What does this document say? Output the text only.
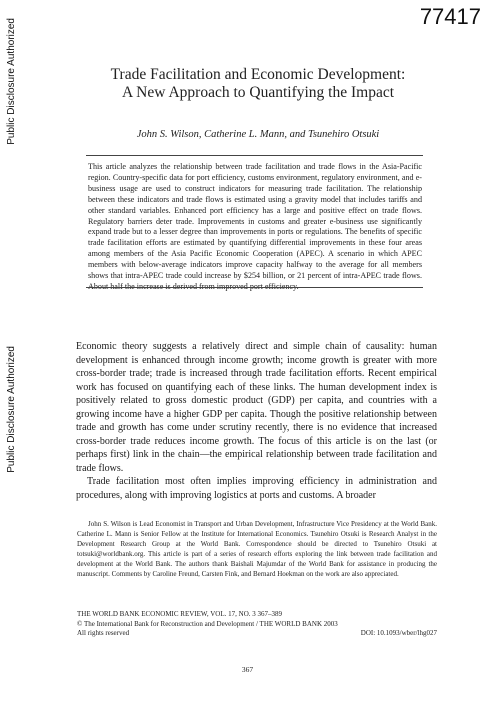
77417
Public Disclosure Authorized
Public Disclosure Authorized
Trade Facilitation and Economic Development:
A New Approach to Quantifying the Impact
John S. Wilson, Catherine L. Mann, and Tsunehiro Otsuki
This article analyzes the relationship between trade facilitation and trade flows in the Asia-Pacific region. Country-specific data for port efficiency, customs environment, regulatory environment, and e-business usage are used to construct indicators for measuring trade facilitation. The relationship between these indicators and trade flows is estimated using a gravity model that includes tariffs and other standard variables. Enhanced port efficiency has a large and positive effect on trade flows. Regulatory barriers deter trade. Improvements in customs and greater e-business use significantly expand trade but to a lesser degree than improvements in ports or regulations. The benefits of specific trade facilitation efforts are estimated by quantifying differential improvements in these four areas among members of the Asia Pacific Economic Cooperation (APEC). A scenario in which APEC members with below-average indicators improve capacity halfway to the average for all members shows that intra-APEC trade could increase by $254 billion, or 21 percent of intra-APEC trade flows. About half the increase is derived from improved port efficiency.

Economic theory suggests a relatively direct and simple chain of causality: human development is enhanced through income growth; income growth is greater with more cross-border trade; trade is increased through trade facilitation efforts. Recent empirical work has focused on quantifying each of these links. The human development index is positively related to gross domestic product (GDP) per capita, and countries with a growing income have a higher GDP per capita. Though the positive relationship between trade and growth has come under scrutiny recently, there is no evidence that increased cross-border trade reduces income growth. The focus of this article is on the last (or perhaps first) link in the chain—the empirical relationship between trade facilitation and trade flows.

Trade facilitation most often implies improving efficiency in administration and procedures, along with improving logistics at ports and customs. A broader

John S. Wilson is Lead Economist in Transport and Urban Development, Infrastructure Vice Presidency at the World Bank. Catherine L. Mann is Senior Fellow at the Institute for International Economics. Tsunehiro Otsuki is Research Analyst in the Development Research Group at the World Bank. Correspondence should be directed to Tsunehiro Otsuki at totsuki@worldbank.org. This article is part of a series of research efforts exploring the link between trade facilitation and development at the World Bank. The authors thank Baishali Majumdar of the World Bank for assistance in producing the manuscript. Comments by Caroline Freund, Carsten Fink, and Bernard Hoekman on the work are also appreciated.

THE WORLD BANK ECONOMIC REVIEW, VOL. 17, NO. 3 367–389
© The International Bank for Reconstruction and Development / THE WORLD BANK 2003
All rights reserved	DOI: 10.1093/wber/lhg027
367
